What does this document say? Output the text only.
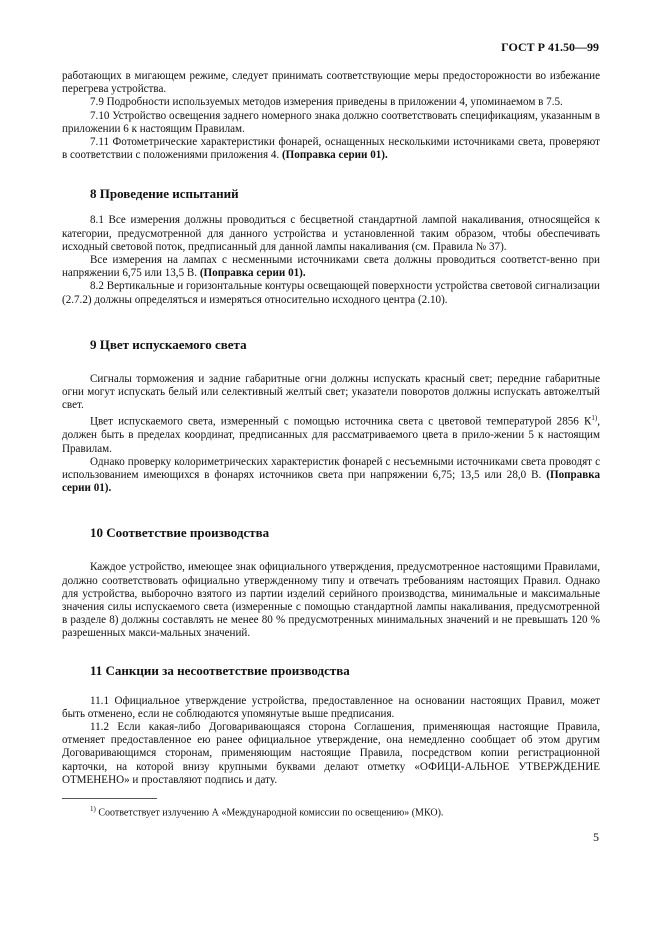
ГОСТ Р 41.50—99

работающих в мигающем режиме, следует принимать соответствующие меры предосторожности во избежание перегрева устройства.

7.9 Подробности используемых методов измерения приведены в приложении 4, упоминаемом в 7.5.

7.10 Устройство освещения заднего номерного знака должно соответствовать спецификациям, указанным в приложении 6 к настоящим Правилам.

7.11 Фотометрические характеристики фонарей, оснащенных несколькими источниками света, проверяют в соответствии с положениями приложения 4. (Поправка серии 01).

8 Проведение испытаний

8.1 Все измерения должны проводиться с бесцветной стандартной лампой накаливания, относящейся к категории, предусмотренной для данного устройства и установленной таким образом, чтобы обеспечивать исходный световой поток, предписанный для данной лампы накаливания (см. Правила № 37).

Все измерения на лампах с несменными источниками света должны проводиться соответст-венно при напряжении 6,75 или 13,5 В. (Поправка серии 01).

8.2 Вертикальные и горизонтальные контуры освещающей поверхности устройства световой сигнализации (2.7.2) должны определяться и измеряться относительно исходного центра (2.10).

9 Цвет испускаемого света

Сигналы торможения и задние габаритные огни должны испускать красный свет; передние габаритные огни могут испускать белый или селективный желтый свет; указатели поворотов должны испускать автожелтый свет.

Цвет испускаемого света, измеренный с помощью источника света с цветовой температурой 2856 $К^{1)}$, должен быть в пределах координат, предписанных для рассматриваемого цвета в прило-жении 5 к настоящим Правилам.

Однако проверку колориметрических характеристик фонарей с несъемными источниками света проводят с использованием имеющихся в фонарях источников света при напряжении 6,75; 13,5 или 28,0 В. (Поправка серии 01).

10 Соответствие производства

Каждое устройство, имеющее знак официального утверждения, предусмотренное настоящими Правилами, должно соответствовать официально утвержденному типу и отвечать требованиям настоящих Правил. Однако для устройства, выборочно взятого из партии изделий серийного производства, минимальные и максимальные значения силы испускаемого света (измеренные с помощью стандартной лампы накаливания, предусмотренной в разделе 8) должны составлять не менее 80 % предусмотренных минимальных значений и не превышать 120 % разрешенных макси-мальных значений.

11 Санкции за несоответствие производства

11.1 Официальное утверждение устройства, предоставленное на основании настоящих Правил, может быть отменено, если не соблюдаются упомянутые выше предписания.

11.2 Если какая-либо Договаривающаяся сторона Соглашения, применяющая настоящие Правила, отменяет предоставленное ею ранее официальное утверждение, она немедленно сообщает об этом другим Договаривающимся сторонам, применяющим настоящие Правила, посредством копии регистрационной карточки, на которой внизу крупными буквами делают отметку «ОФИЦИ-АЛЬНОЕ УТВЕРЖДЕНИЕ ОТМЕНЕНО» и проставляют подпись и дату.

$^{1)}$ Соответствует излучению А «Международной комиссии по освещению» (МКО).
5
